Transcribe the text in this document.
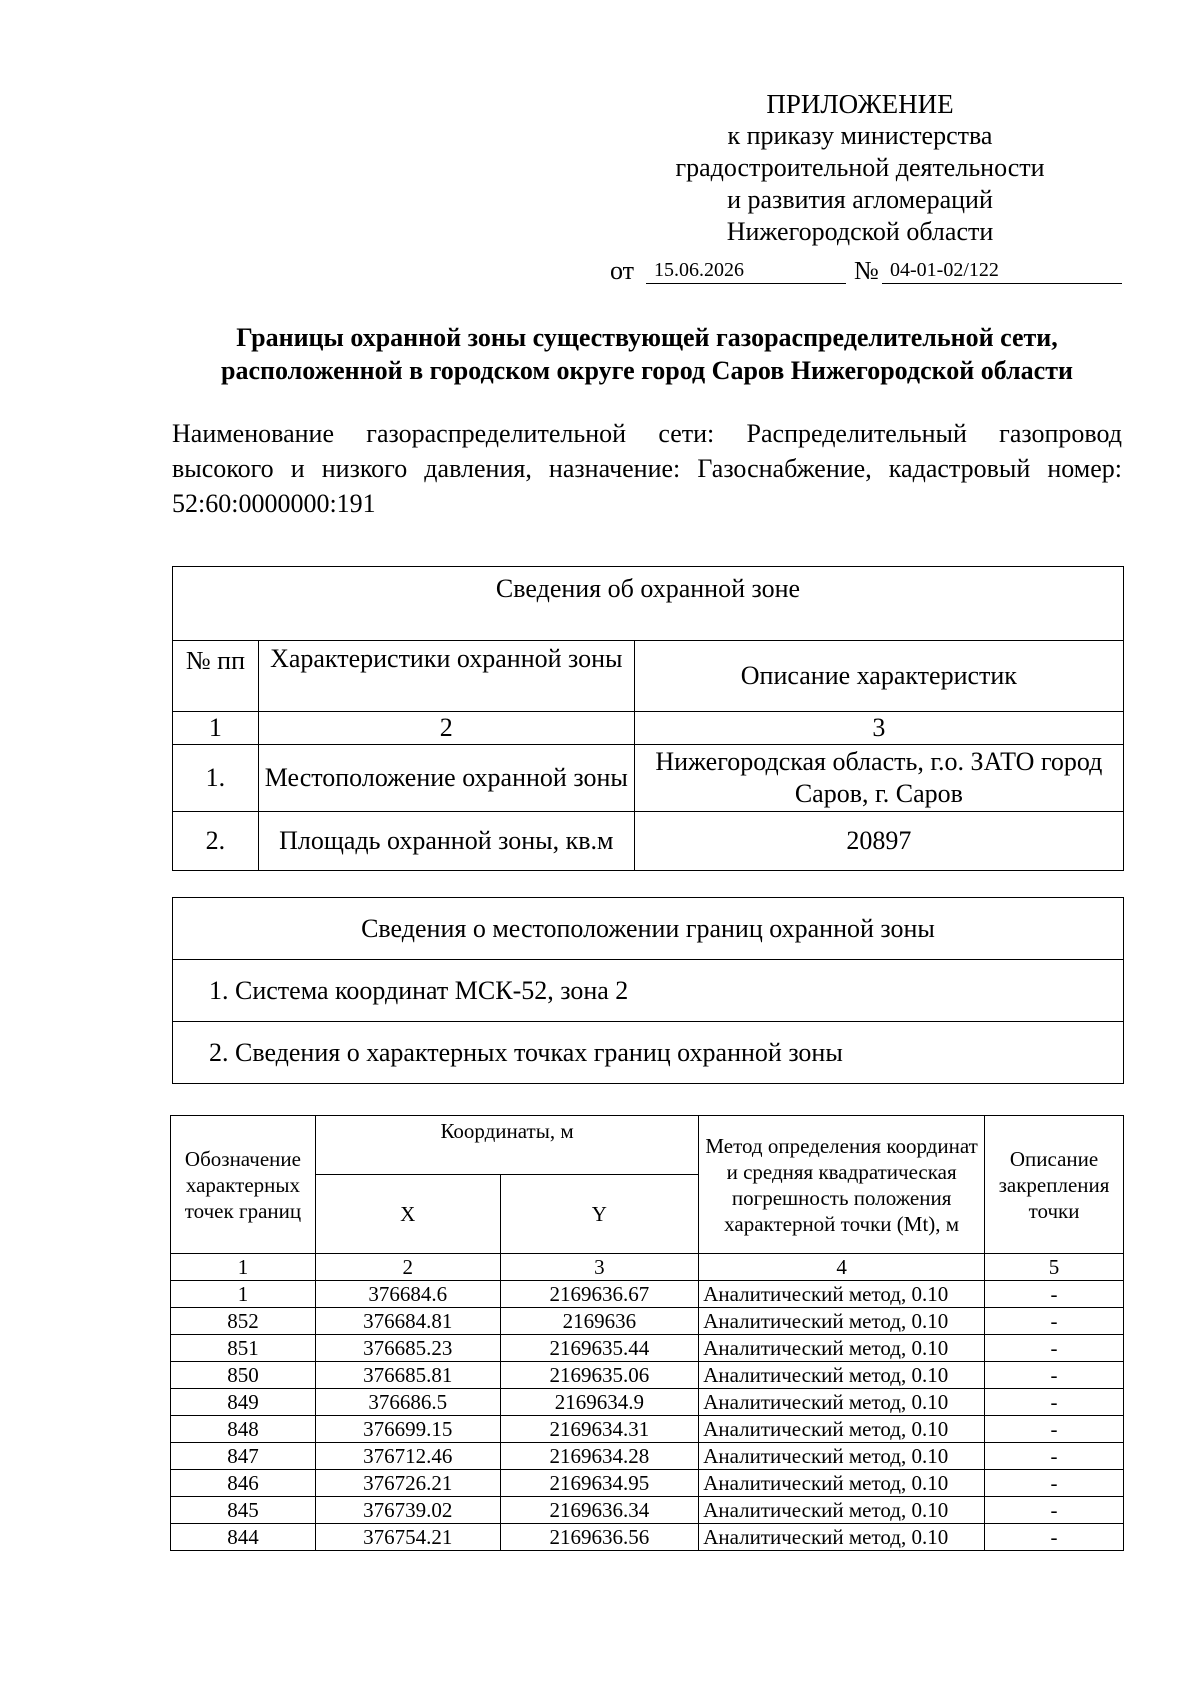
ПРИЛОЖЕНИЕ
к приказу министерства
градостроительной деятельности
и развития агломераций
Нижегородской области
от 15.06.2026	№ 04-01-02/122
Границы охранной зоны существующей газораспределительной сети,
расположенной в городском округе город Саров Нижегородской области
Наименование газораспределительной сети: Распределительный газопровод высокого и низкого давления, назначение: Газоснабжение, кадастровый номер: 52:60:0000000:191
Сведения об охранной зоне		
№ пп	Характеристики охранной зоны	Описание характеристик
1	2	3
1.	Местоположение охранной зоны	Нижегородская область, г.о. ЗАТО город Саров, г. Саров
2.	Площадь охранной зоны, кв.м	20897
Сведения о местоположении границ охранной зоны
1. Система координат МСК-52, зона 2
2. Сведения о характерных точках границ охранной зоны
Обозначение характерных точек границ	Координаты, м		Метод определения координат и средняя квадратическая погрешность положения характерной точки (Mt), м	Описание закрепления точки
	X	Y		
1	2	3	4	5
1	376684.6	2169636.67	Аналитический метод, 0.10	-
852	376684.81	2169636	Аналитический метод, 0.10	-
851	376685.23	2169635.44	Аналитический метод, 0.10	-
850	376685.81	2169635.06	Аналитический метод, 0.10	-
849	376686.5	2169634.9	Аналитический метод, 0.10	-
848	376699.15	2169634.31	Аналитический метод, 0.10	-
847	376712.46	2169634.28	Аналитический метод, 0.10	-
846	376726.21	2169634.95	Аналитический метод, 0.10	-
845	376739.02	2169636.34	Аналитический метод, 0.10	-
844	376754.21	2169636.56	Аналитический метод, 0.10	-
